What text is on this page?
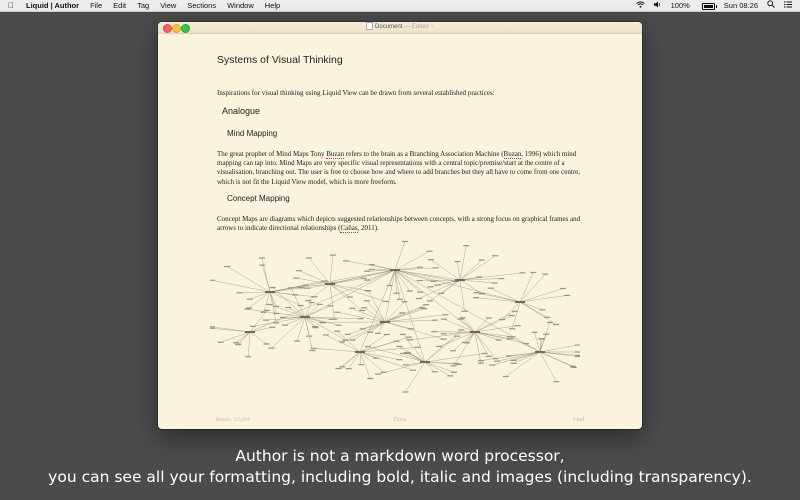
Liquid | Author File Edit Tag View Sections Window Help	100%	Sun 08:26
Document — Edited ~
Systems of Visual Thinking
Inspirations for visual thinking using Liquid View can be drawn from several established practices:
Analogue
Mind Mapping
The great prophet of Mind Maps Tony Buzan refers to the brain as a Branching Association Machine (Buzan, 1996) which mind mapping can tap into. Mind Maps are very specific visual representations with a central topic/premise/start at the centre of a visualisation, branching out. The user is free to choose how and where to add branches but they all have to come from one centre, which is not fit the Liquid View model, which is more freeform.
Concept Mapping
Concept Maps are diagrams which depicts suggested relationships between concepts, with a strong focus on graphical frames and arrows to indicate directional relationships (Cañas, 2011).
Words: 10,004	Done	Find
Author is not a markdown word processor,
you can see all your formatting, including bold, italic and images (including transparency).
